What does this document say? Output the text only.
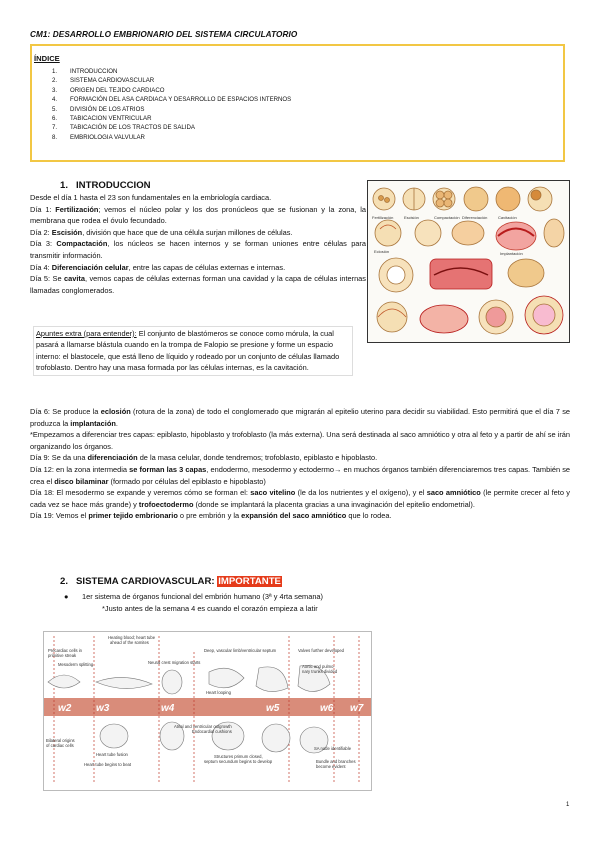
CM1: DESARROLLO EMBRIONARIO DEL SISTEMA CIRCULATORIO
ÍNDICE
1. INTRODUCCION
2. SISTEMA CARDIOVASCULAR
3. ORIGEN DEL TEJIDO CARDIACO
4. FORMACIÓN DEL ASA CARDIACA Y DESARROLLO DE ESPACIOS INTERNOS
5. DIVISIÓN DE LOS ATRIOS
6. TABICACION VENTRICULAR
7. TABICACIÓN DE LOS TRACTOS DE SALIDA
8. EMBRIOLOGIA VALVULAR
1. INTRODUCCION
Desde el día 1 hasta el 23 son fundamentales en la embriología cardiaca.
Día 1: Fertilización; vemos el núcleo polar y los dos pronúcleos que se fusionan y la zona, la membrana que rodea el óvulo fecundado.
Día 2: Escisión, división que hace que de una célula surjan millones de células.
Día 3: Compactación, los núcleos se hacen internos y se forman uniones entre células para transmitir información.
Día 4: Diferenciación celular, entre las capas de células externas e internas.
Día 5: Se cavita, vemos capas de células externas forman una cavidad y la capa de células internas llamadas conglomerados.
Apuntes extra (para entender): El conjunto de blastómeros se conoce como mórula, la cual pasará a llamarse blástula cuando en la trompa de Falopio se presione y forme un espacio interno: el blastocele, que está lleno de líquido y rodeado por un conjunto de células llamado trofoblasto. Dentro hay una masa formada por las células internas, es la cavitación.
Fertilización	Escisión	Compactación Diferenciación	Cavitación
Eclosión	Implantación
Día 6: Se produce la eclosión (rotura de la zona) de todo el conglomerado que migrarán al epitelio uterino para decidir su viabilidad. Esto permitirá que el día 7 se produzca la implantación.
*Empezamos a diferenciar tres capas: epiblasto, hipoblasto y trofoblasto (la más externa). Una será destinada al saco amniótico y otra al feto y a partir de ahí se irán organizando los órganos.
Día 9: Se da una diferenciación de la masa celular, donde tendremos; trofoblasto, epiblasto e hipoblasto.
Día 12: en la zona intermedia se forman las 3 capas, endodermo, mesodermo y ectodermo→ en muchos órganos también diferenciaremos tres capas. También se crea el disco bilaminar (formado por células del epiblasto e hipoblasto)
Día 18: El mesodermo se expande y veremos cómo se forman el: saco vitelino (le da los nutrientes y el oxígeno), y el saco amniótico (le permite crecer al feto y cada vez se hace más grande) y trofoectodermo (donde se implantará la placenta gracias a una invaginación del epitelio endometrial).
Día 19: Vemos el primer tejido embrionario o pre embrión y la expansión del saco amniótico que lo rodea.
2. SISTEMA CARDIOVASCULAR: IMPORTANTE
● 1er sistema de órganos funcional del embrión humano (3ª y 4rta semana)
*Justo antes de la semana 4 es cuando el corazón empieza a latir
w2 w3	w4	w5	w6 w7
Heating blood; heart tube
ahead of the somites
Precardiac cells in
primitive streak
Mesoderm splitting
Deep, vascular limb/ventricular septum
Neural crest migration starts
Valves further developed
Aortic and pulmo-
nary trunks divided
Heart looping
Bilateral origins
of cardiac cells
Heart tube fusion
Heart tube begins to beat
Atrial and ventricular outgrowth
Endocardial cushions
Structures primum closed,
septum secundum begins to develop
SA node identifiable
Bundle and branches
become evident
1
